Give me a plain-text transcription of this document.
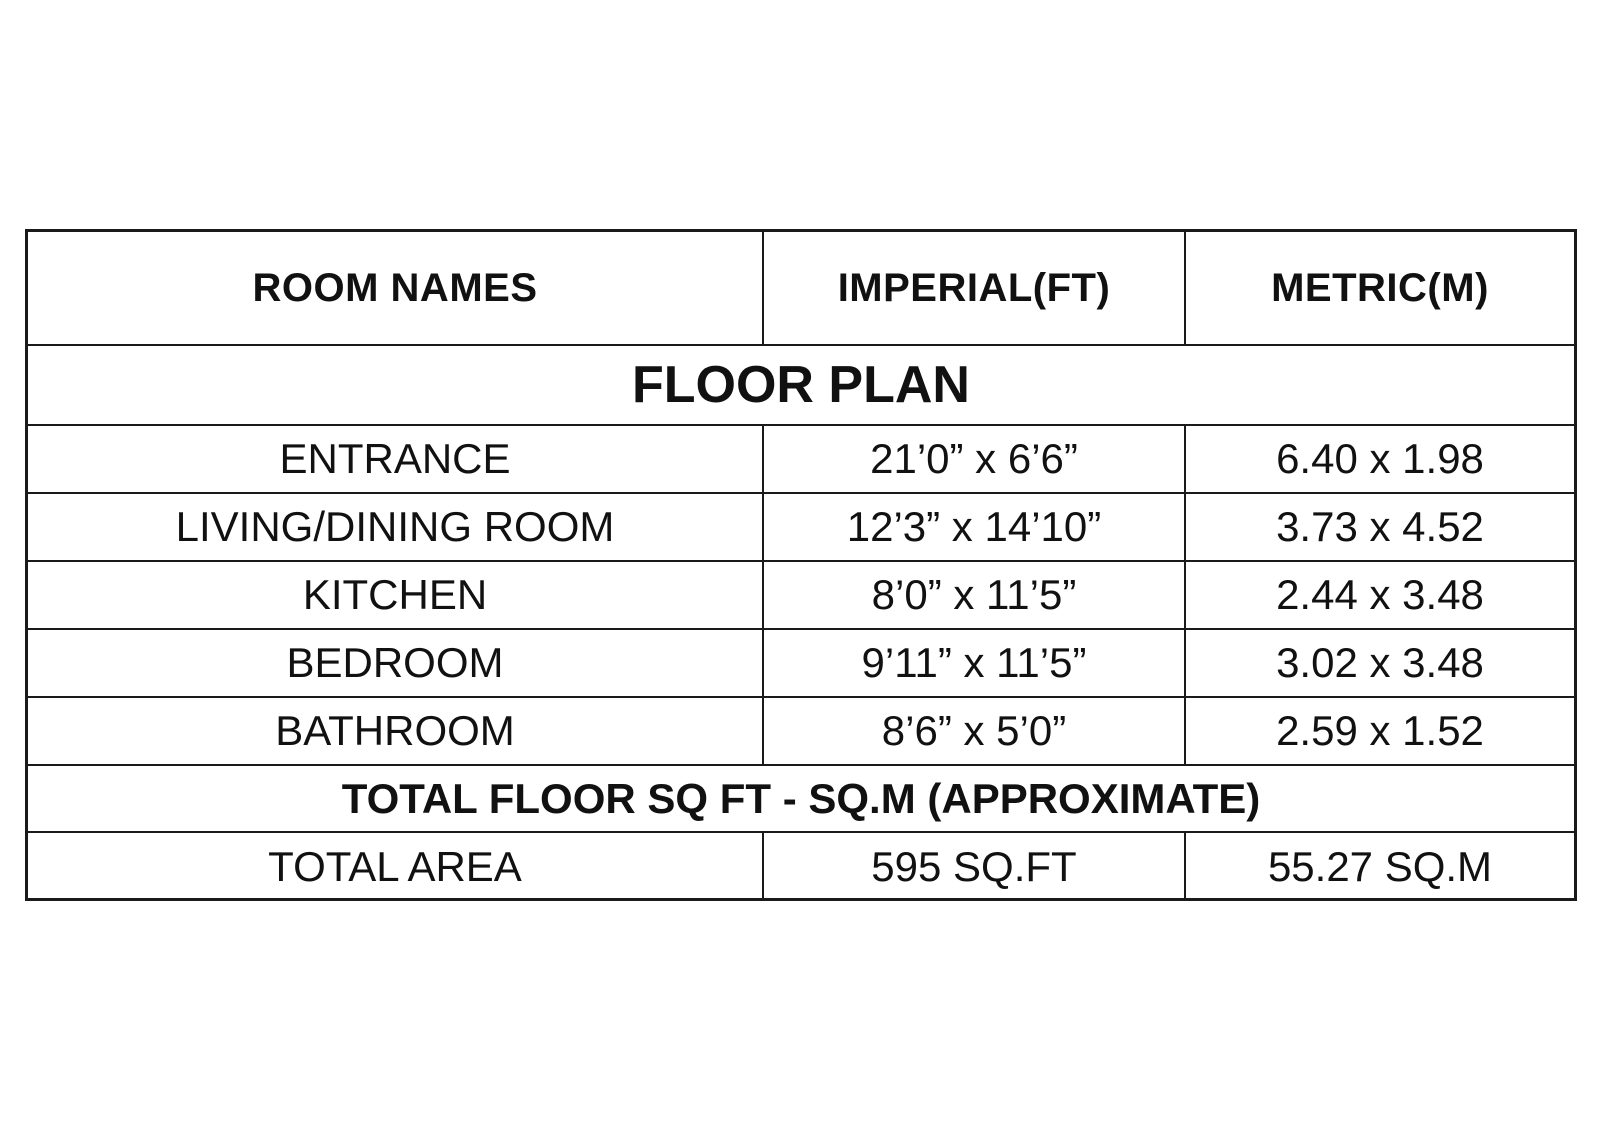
ROOM NAMES	IMPERIAL(FT)	METRIC(M)
FLOOR PLAN		
ENTRANCE	21’0” x 6’6”	6.40 x 1.98
LIVING/DINING ROOM	12’3” x 14’10”	3.73 x 4.52
KITCHEN	8’0” x 11’5”	2.44 x 3.48
BEDROOM	9’11” x 11’5”	3.02 x 3.48
BATHROOM	8’6” x 5’0”	2.59 x 1.52
TOTAL FLOOR SQ FT - SQ.M (APPROXIMATE)		
TOTAL AREA	595 SQ.FT	55.27 SQ.M
